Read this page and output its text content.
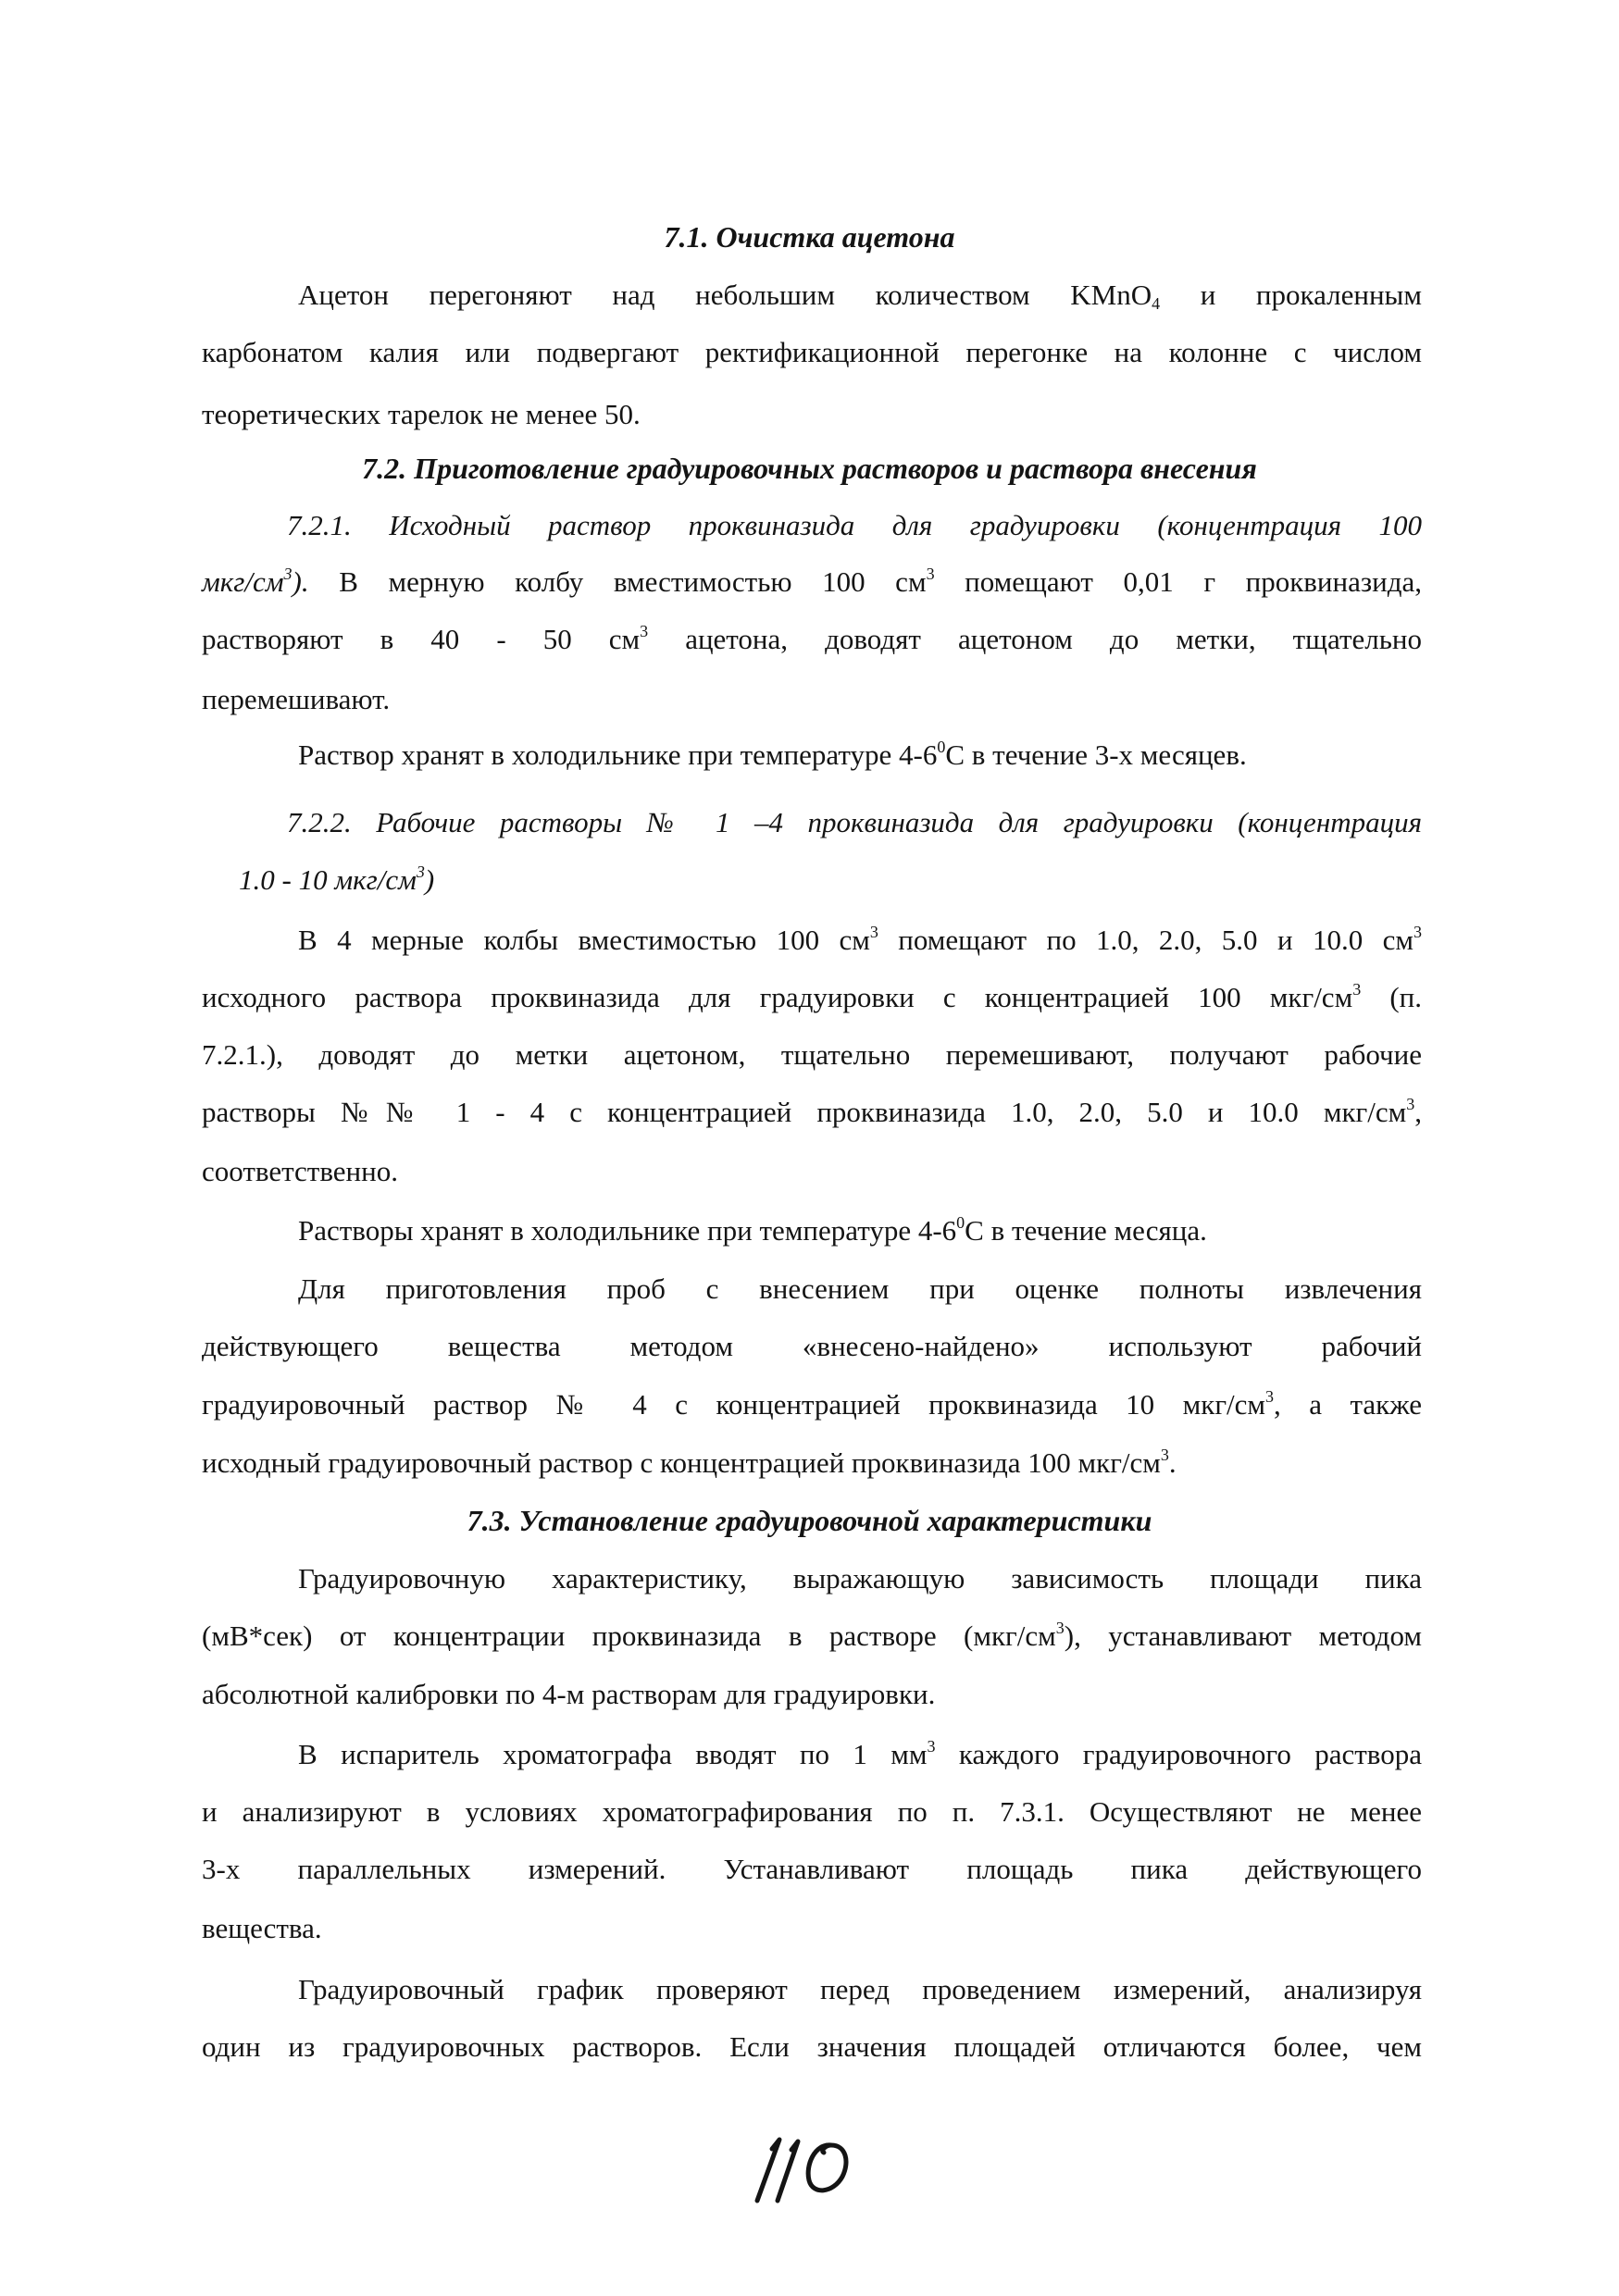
7.1. Очистка ацетона

Ацетон перегоняют над небольшим количеством KMnO$_4$ и прокаленным

карбонатом калия или подвергают ректификационной перегонке на колонне с числом

теоретических тарелок не менее 50.

7.2. Приготовление градуировочных растворов и раствора внесения

7.2.1. Исходный раствор проквиназида для градуировки (концентрация 100

мкг/$см^3$). В мерную колбу вместимостью 100 $см^3$ помещают 0,01 г проквиназида,

растворяют в 40 - 50 $см^3$ ацетона, доводят ацетоном до метки, тщательно

перемешивают.

Раствор хранят в холодильнике при температуре $4-6^0С$ в течение 3-х месяцев.

7.2.2. Рабочие растворы № 1 –4 проквиназида для градуировки (концентрация

1.0 - 10 мкг/$см^3$)

В 4 мерные колбы вместимостью 100 $см^3$ помещают по 1.0, 2.0, 5.0 и 10.0 $см^3$

исходного раствора проквиназида для градуировки с концентрацией 100 мкг/$см^3$ (п.

7.2.1.), доводят до метки ацетоном, тщательно перемешивают, получают рабочие

растворы №№ 1 - 4 с концентрацией проквиназида 1.0, 2.0, 5.0 и 10.0 мкг/$см^3$,

соответственно.

Растворы хранят в холодильнике при температуре $4-6^0С$ в течение месяца.

Для приготовления проб с внесением при оценке полноты извлечения

действующего вещества методом «внесено-найдено» используют рабочий

градуировочный раствор № 4 с концентрацией проквиназида 10 мкг/$см^3$, а также

исходный градуировочный раствор с концентрацией проквиназида 100 мкг/$см^3$.

7.3. Установление градуировочной характеристики

Градуировочную характеристику, выражающую зависимость площади пика

(мВ*сек) от концентрации проквиназида в растворе $(мкг/см^3)$, устанавливают методом

абсолютной калибровки по 4-м растворам для градуировки.

В испаритель хроматографа вводят по 1 $мм^3$ каждого градуировочного раствора

и анализируют в условиях хроматографирования по п. 7.3.1. Осуществляют не менее

3-х параллельных измерений. Устанавливают площадь пика действующего

вещества.

Градуировочный график проверяют перед проведением измерений, анализируя

один из градуировочных растворов. Если значения площадей отличаются более, чем
